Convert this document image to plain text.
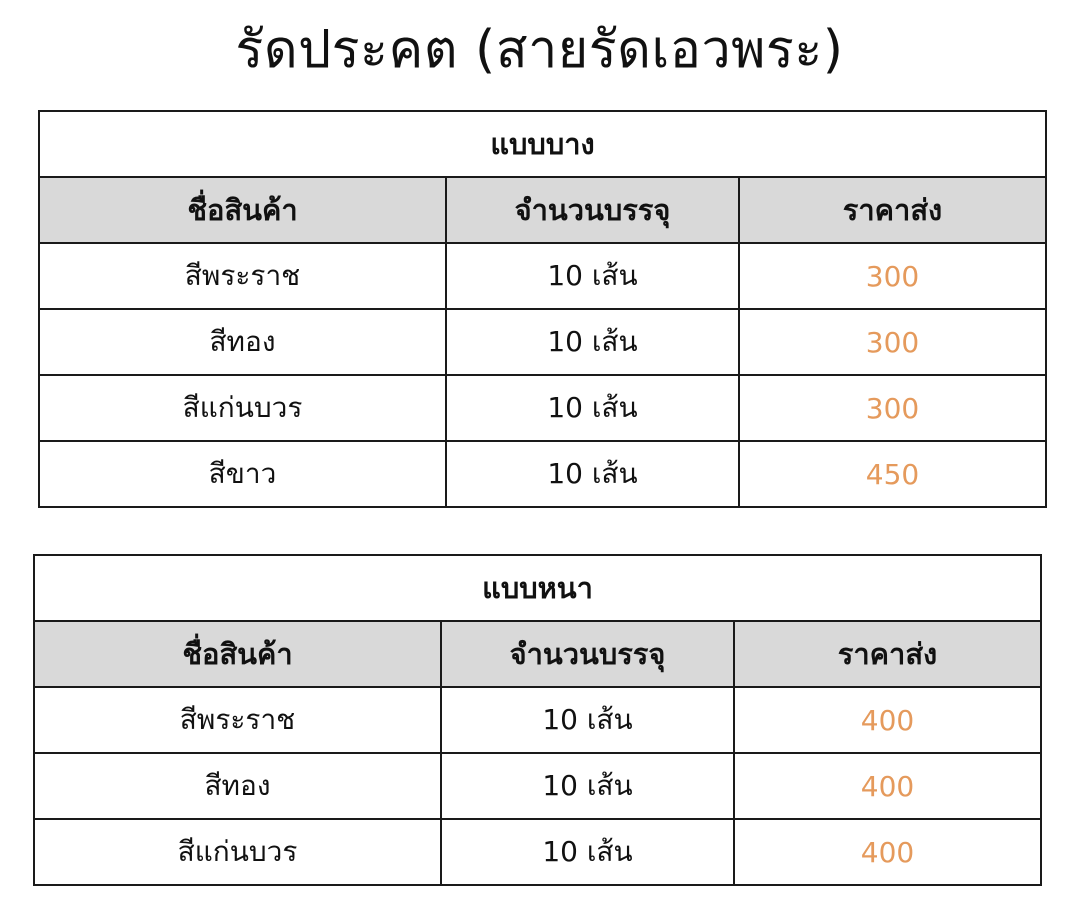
รัดประคต (สายรัดเอวพระ)
แบบบาง		
ชื่อสินค้า	จำนวนบรรจุ	ราคาส่ง
สีพระราช	10 เส้น	300
สีทอง	10 เส้น	300
สีแก่นบวร	10 เส้น	300
สีขาว	10 เส้น	450
แบบหนา		
ชื่อสินค้า	จำนวนบรรจุ	ราคาส่ง
สีพระราช	10 เส้น	400
สีทอง	10 เส้น	400
สีแก่นบวร	10 เส้น	400
